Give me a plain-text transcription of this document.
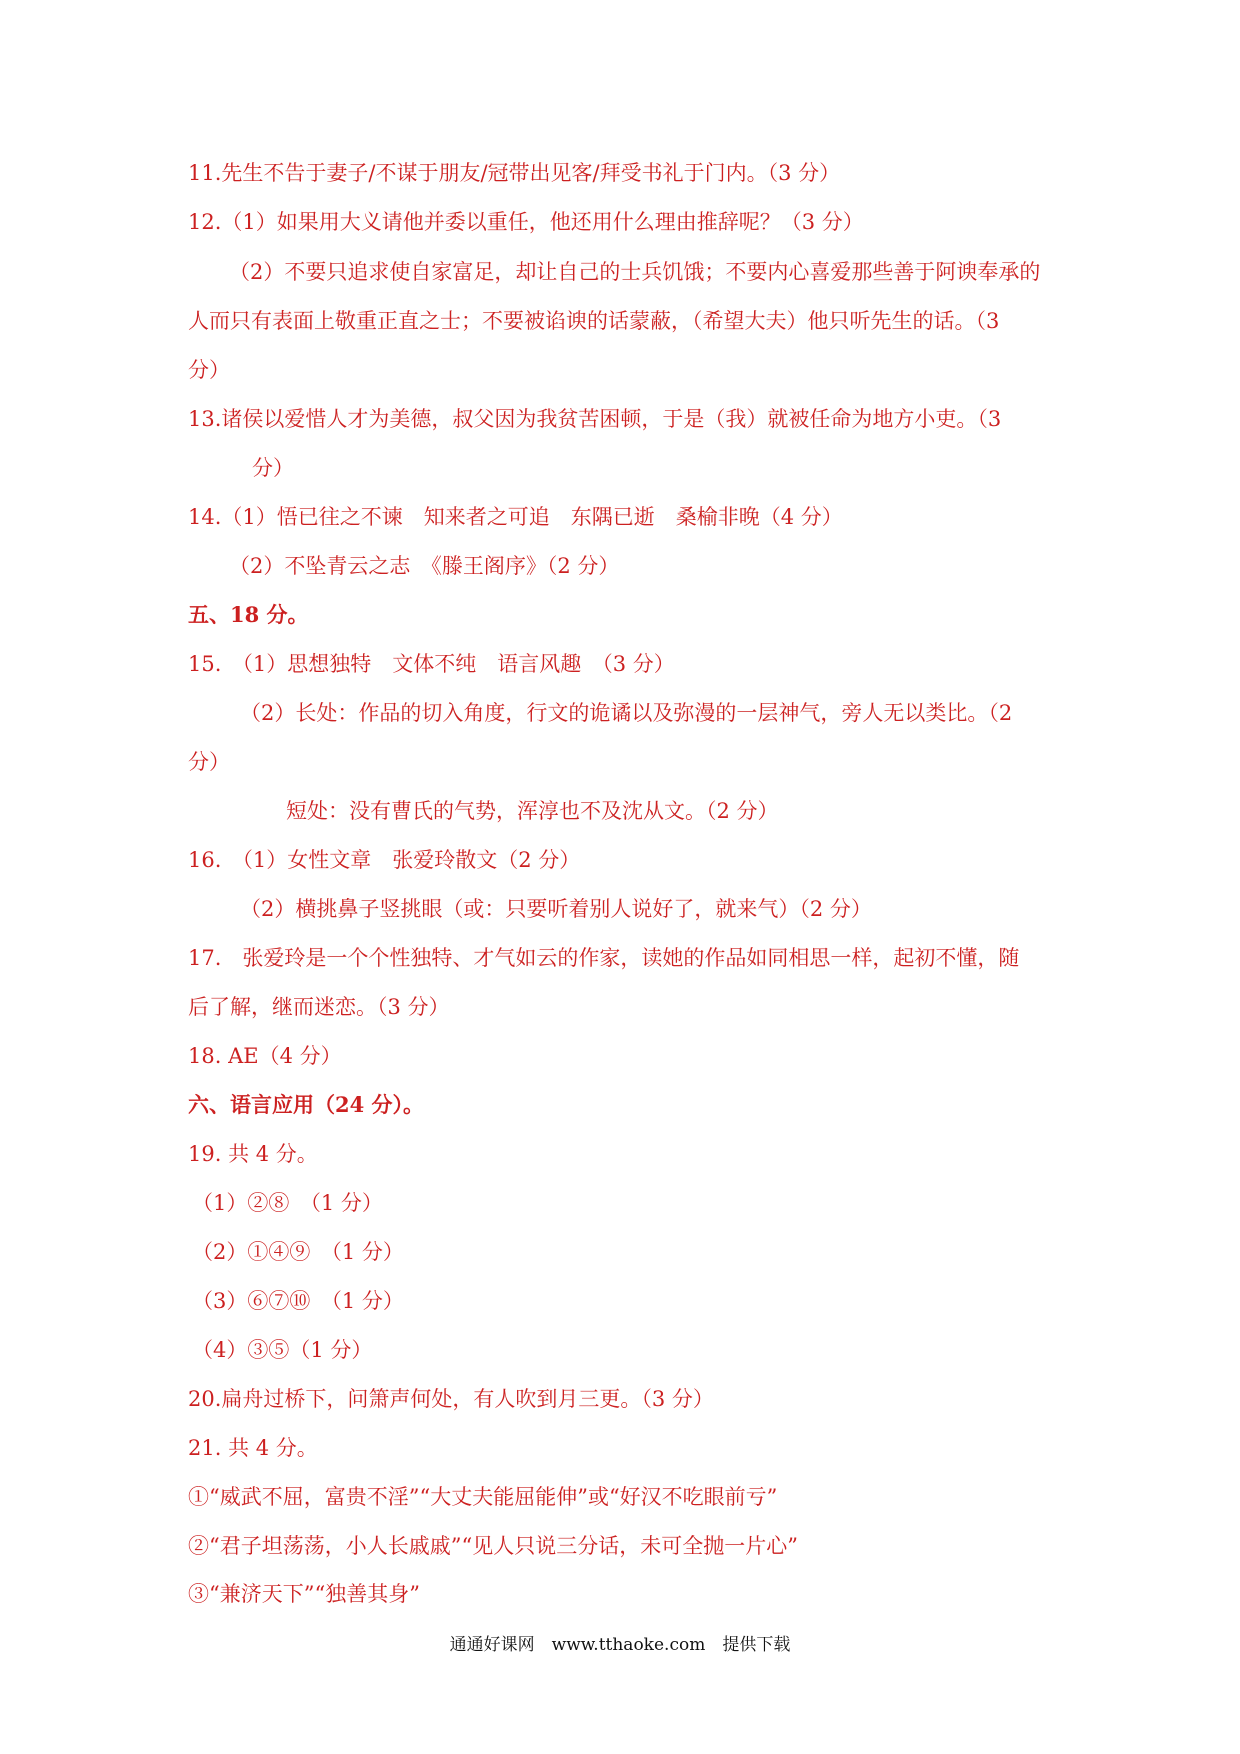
11.先生不告于妻子/不谋于朋友/冠带出见客/拜受书礼于门内。（3 分）
12.（1）如果用大义请他并委以重任，他还用什么理由推辞呢？（3 分）
（2）不要只追求使自家富足，却让自己的士兵饥饿；不要内心喜爱那些善于阿谀奉承的
人而只有表面上敬重正直之士；不要被谄谀的话蒙蔽，（希望大夫）他只听先生的话。（3
分）
13.诸侯以爱惜人才为美德，叔父因为我贫苦困顿，于是（我）就被任命为地方小吏。（3
分）
14.（1）悟已往之不谏　知来者之可追　东隅已逝　桑榆非晚（4 分）
（2）不坠青云之志　《滕王阁序》（2 分）
五、18 分。
15.　（1）思想独特　文体不纯　语言风趣　（3 分）
（2）长处：作品的切入角度，行文的诡谲以及弥漫的一层神气，旁人无以类比。（2
分）
短处：没有曹氏的气势，浑淳也不及沈从文。（2 分）
16.　（1）女性文章　张爱玲散文（2 分）
（2）横挑鼻子竖挑眼（或：只要听着别人说好了，就来气）（2 分）
17.　张爱玲是一个个性独特、才气如云的作家，读她的作品如同相思一样，起初不懂，随
后了解，继而迷恋。（3 分）
18. AE（4 分）
六、语言应用（24 分）。
19. 共 4 分。
（1）②⑧　（1 分）
（2）①④⑨　（1 分）
（3）⑥⑦⑩　（1 分）
（4）③⑤（1 分）
20.扁舟过桥下，问箫声何处，有人吹到月三更。（3 分）
21. 共 4 分。
①“威武不屈，富贵不淫”“大丈夫能屈能伸”或“好汉不吃眼前亏”
②“君子坦荡荡，小人长戚戚”“见人只说三分话，未可全抛一片心”
③“兼济天下”“独善其身”
通通好课网　www.tthaoke.com　提供下载
